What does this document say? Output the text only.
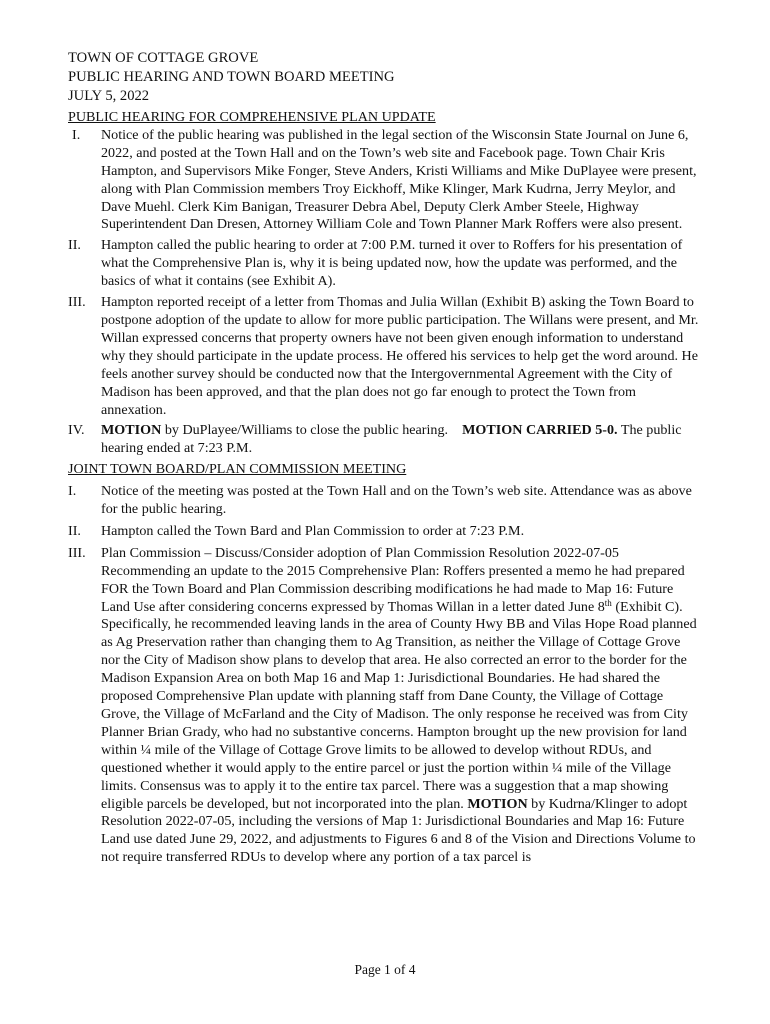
TOWN OF COTTAGE GROVE
PUBLIC HEARING AND TOWN BOARD MEETING
JULY 5, 2022
PUBLIC HEARING FOR COMPREHENSIVE PLAN UPDATE
I.	Notice of the public hearing was published in the legal section of the Wisconsin State Journal on June 6, 2022, and posted at the Town Hall and on the Town’s web site and Facebook page. Town Chair Kris Hampton, and Supervisors Mike Fonger, Steve Anders, Kristi Williams and Mike DuPlayee were present, along with Plan Commission members Troy Eickhoff, Mike Klinger, Mark Kudrna, Jerry Meylor, and Dave Muehl. Clerk Kim Banigan, Treasurer Debra Abel, Deputy Clerk Amber Steele, Highway Superintendent Dan Dresen, Attorney William Cole and Town Planner Mark Roffers were also present.
II.	Hampton called the public hearing to order at 7:00 P.M. turned it over to Roffers for his presentation of what the Comprehensive Plan is, why it is being updated now, how the update was performed, and the basics of what it contains (see Exhibit A).
III.	Hampton reported receipt of a letter from Thomas and Julia Willan (Exhibit B) asking the Town Board to postpone adoption of the update to allow for more public participation. The Willans were present, and Mr. Willan expressed concerns that property owners have not been given enough information to understand why they should participate in the update process. He offered his services to help get the word around. He feels another survey should be conducted now that the Intergovernmental Agreement with the City of Madison has been approved, and that the plan does not go far enough to protect the Town from annexation.
IV.	MOTION by DuPlayee/Williams to close the public hearing.    MOTION CARRIED 5-0. The public hearing ended at 7:23 P.M.
JOINT TOWN BOARD/PLAN COMMISSION MEETING
I.	Notice of the meeting was posted at the Town Hall and on the Town’s web site. Attendance was as above for the public hearing.
II.	Hampton called the Town Bard and Plan Commission to order at 7:23 P.M.
III.	Plan Commission – Discuss/Consider adoption of Plan Commission Resolution 2022-07-05 Recommending an update to the 2015 Comprehensive Plan: Roffers presented a memo he had prepared FOR the Town Board and Plan Commission describing modifications he had made to Map 16: Future Land Use after considering concerns expressed by Thomas Willan in a letter dated June 8th (Exhibit C). Specifically, he recommended leaving lands in the area of County Hwy BB and Vilas Hope Road planned as Ag Preservation rather than changing them to Ag Transition, as neither the Village of Cottage Grove nor the City of Madison show plans to develop that area. He also corrected an error to the border for the Madison Expansion Area on both Map 16 and Map 1: Jurisdictional Boundaries. He had shared the proposed Comprehensive Plan update with planning staff from Dane County, the Village of Cottage Grove, the Village of McFarland and the City of Madison. The only response he received was from City Planner Brian Grady, who had no substantive concerns. Hampton brought up the new provision for land within ¼ mile of the Village of Cottage Grove limits to be allowed to develop without RDUs, and questioned whether it would apply to the entire parcel or just the portion within ¼ mile of the Village limits. Consensus was to apply it to the entire tax parcel. There was a suggestion that a map showing eligible parcels be developed, but not incorporated into the plan. MOTION by Kudrna/Klinger to adopt Resolution 2022-07-05, including the versions of Map 1: Jurisdictional Boundaries and Map 16: Future Land use dated June 29, 2022, and adjustments to Figures 6 and 8 of the Vision and Directions Volume to not require transferred RDUs to develop where any portion of a tax parcel is
Page 1 of 4
